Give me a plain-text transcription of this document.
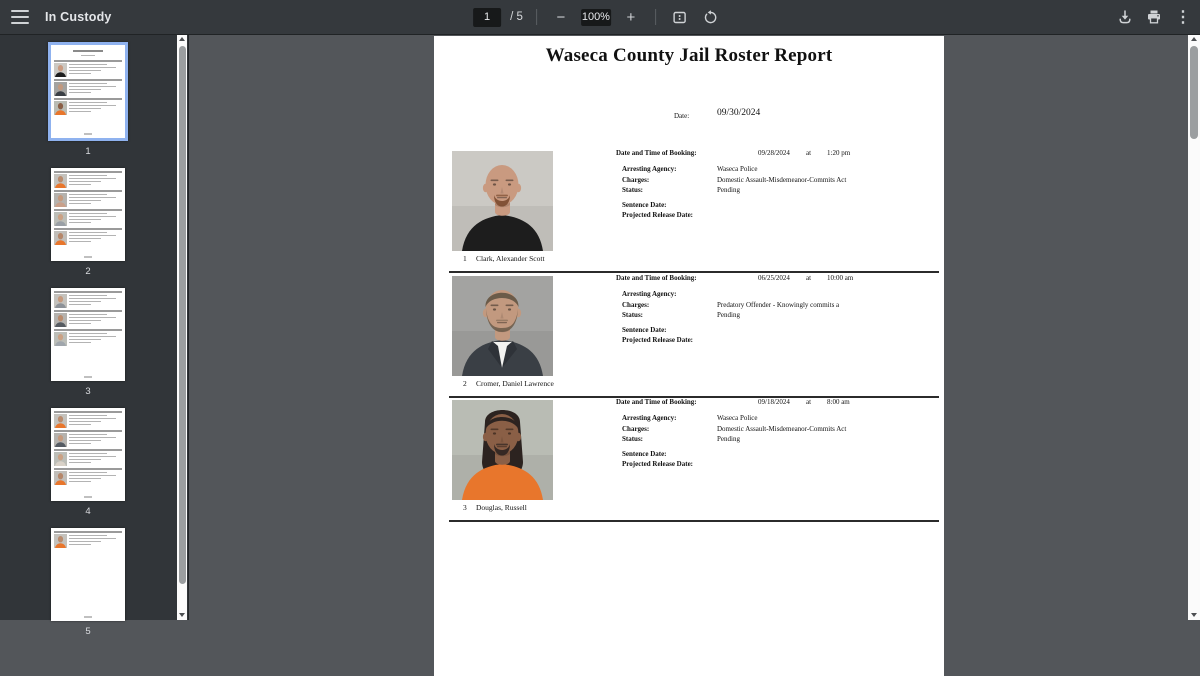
In Custody
1	/ 5	−	100%	+	⋮
1
2
3
4
5
Waseca County Jail Roster Report
Date:	09/30/2024
1 Clark, Alexander Scott
Date and Time of Booking:	09/28/2024 at 1:20 pm
Arresting Agency:	Waseca Police
Charges:	Domestic Assault-Misdemeanor-Commits Act
Status:	Pending
Sentence Date:
Projected Release Date:
2 Cromer, Daniel Lawrence
Date and Time of Booking:	06/25/2024 at 10:00 am
Arresting Agency:
Charges:	Predatory Offender - Knowingly commits a
Status:	Pending
Sentence Date:
Projected Release Date:
3 Douglas, Russell
Date and Time of Booking:	09/18/2024 at 8:00 am
Arresting Agency:	Waseca Police
Charges:	Domestic Assault-Misdemeanor-Commits Act
Status:	Pending
Sentence Date:
Projected Release Date:
